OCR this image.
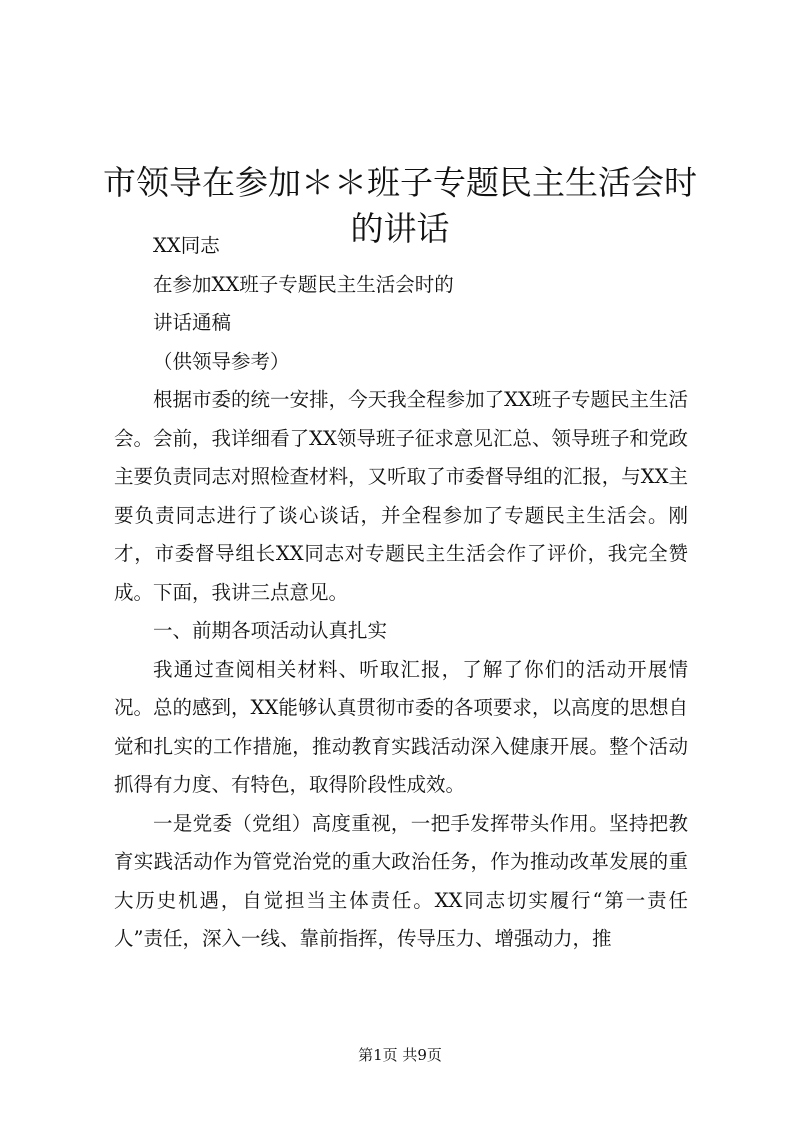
市领导在参加＊＊班子专题民主生活会时的讲话

XX同志

在参加XX班子专题民主生活会时的

讲话通稿

（供领导参考）

根据市委的统一安排，今天我全程参加了XX班子专题民主生活会。会前，我详细看了XX领导班子征求意见汇总、领导班子和党政主要负责同志对照检查材料，又听取了市委督导组的汇报，与XX主要负责同志进行了谈心谈话，并全程参加了专题民主生活会。刚才，市委督导组长XX同志对专题民主生活会作了评价，我完全赞成。下面，我讲三点意见。

一、前期各项活动认真扎实

我通过查阅相关材料、听取汇报，了解了你们的活动开展情况。总的感到，XX能够认真贯彻市委的各项要求，以高度的思想自觉和扎实的工作措施，推动教育实践活动深入健康开展。整个活动抓得有力度、有特色，取得阶段性成效。

一是党委（党组）高度重视，一把手发挥带头作用。坚持把教育实践活动作为管党治党的重大政治任务，作为推动改革发展的重大历史机遇，自觉担当主体责任。XX同志切实履行“第一责任人”责任，深入一线、靠前指挥，传导压力、增强动力，推

第1页 共9页
